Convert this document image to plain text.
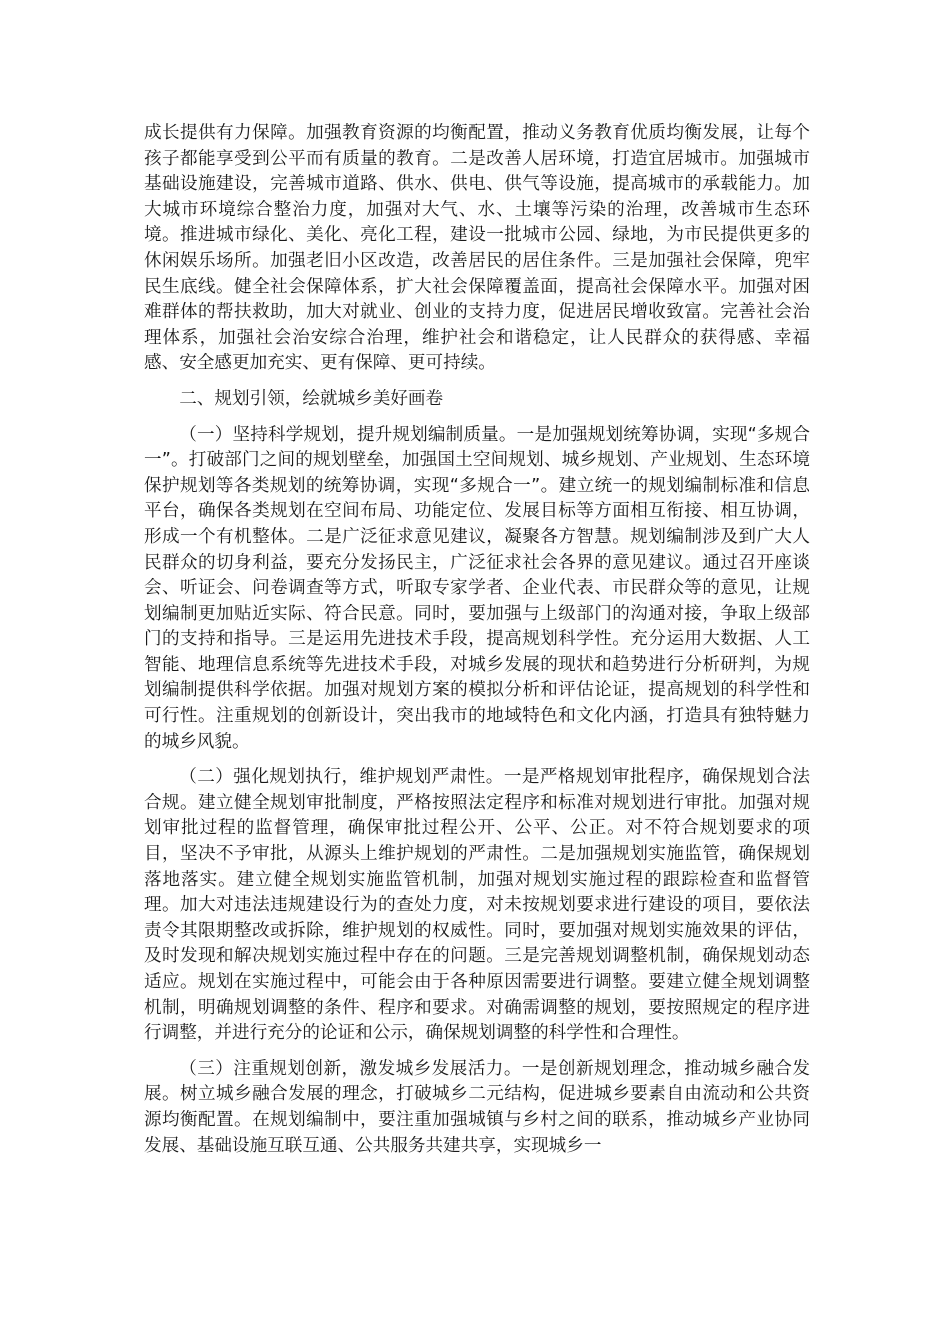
成长提供有力保障。加强教育资源的均衡配置，推动义务教育优质均衡发展，让每个孩子都能享受到公平而有质量的教育。二是改善人居环境，打造宜居城市。加强城市基础设施建设，完善城市道路、供水、供电、供气等设施，提高城市的承载能力。加大城市环境综合整治力度，加强对大气、水、土壤等污染的治理，改善城市生态环境。推进城市绿化、美化、亮化工程，建设一批城市公园、绿地，为市民提供更多的休闲娱乐场所。加强老旧小区改造，改善居民的居住条件。三是加强社会保障，兜牢民生底线。健全社会保障体系，扩大社会保障覆盖面，提高社会保障水平。加强对困难群体的帮扶救助，加大对就业、创业的支持力度，促进居民增收致富。完善社会治理体系，加强社会治安综合治理，维护社会和谐稳定，让人民群众的获得感、幸福感、安全感更加充实、更有保障、更可持续。

二、规划引领，绘就城乡美好画卷

（一）坚持科学规划，提升规划编制质量。一是加强规划统筹协调，实现“多规合一”。打破部门之间的规划壁垒，加强国土空间规划、城乡规划、产业规划、生态环境保护规划等各类规划的统筹协调，实现“多规合一”。建立统一的规划编制标准和信息平台，确保各类规划在空间布局、功能定位、发展目标等方面相互衔接、相互协调，形成一个有机整体。二是广泛征求意见建议，凝聚各方智慧。规划编制涉及到广大人民群众的切身利益，要充分发扬民主，广泛征求社会各界的意见建议。通过召开座谈会、听证会、问卷调查等方式，听取专家学者、企业代表、市民群众等的意见，让规划编制更加贴近实际、符合民意。同时，要加强与上级部门的沟通对接，争取上级部门的支持和指导。三是运用先进技术手段，提高规划科学性。充分运用大数据、人工智能、地理信息系统等先进技术手段，对城乡发展的现状和趋势进行分析研判，为规划编制提供科学依据。加强对规划方案的模拟分析和评估论证，提高规划的科学性和可行性。注重规划的创新设计，突出我市的地域特色和文化内涵，打造具有独特魅力的城乡风貌。

（二）强化规划执行，维护规划严肃性。一是严格规划审批程序，确保规划合法合规。建立健全规划审批制度，严格按照法定程序和标准对规划进行审批。加强对规划审批过程的监督管理，确保审批过程公开、公平、公正。对不符合规划要求的项目，坚决不予审批，从源头上维护规划的严肃性。二是加强规划实施监管，确保规划落地落实。建立健全规划实施监管机制，加强对规划实施过程的跟踪检查和监督管理。加大对违法违规建设行为的查处力度，对未按规划要求进行建设的项目，要依法责令其限期整改或拆除，维护规划的权威性。同时，要加强对规划实施效果的评估，及时发现和解决规划实施过程中存在的问题。三是完善规划调整机制，确保规划动态适应。规划在实施过程中，可能会由于各种原因需要进行调整。要建立健全规划调整机制，明确规划调整的条件、程序和要求。对确需调整的规划，要按照规定的程序进行调整，并进行充分的论证和公示，确保规划调整的科学性和合理性。

（三）注重规划创新，激发城乡发展活力。一是创新规划理念，推动城乡融合发展。树立城乡融合发展的理念，打破城乡二元结构，促进城乡要素自由流动和公共资源均衡配置。在规划编制中，要注重加强城镇与乡村之间的联系，推动城乡产业协同发展、基础设施互联互通、公共服务共建共享，实现城乡一
